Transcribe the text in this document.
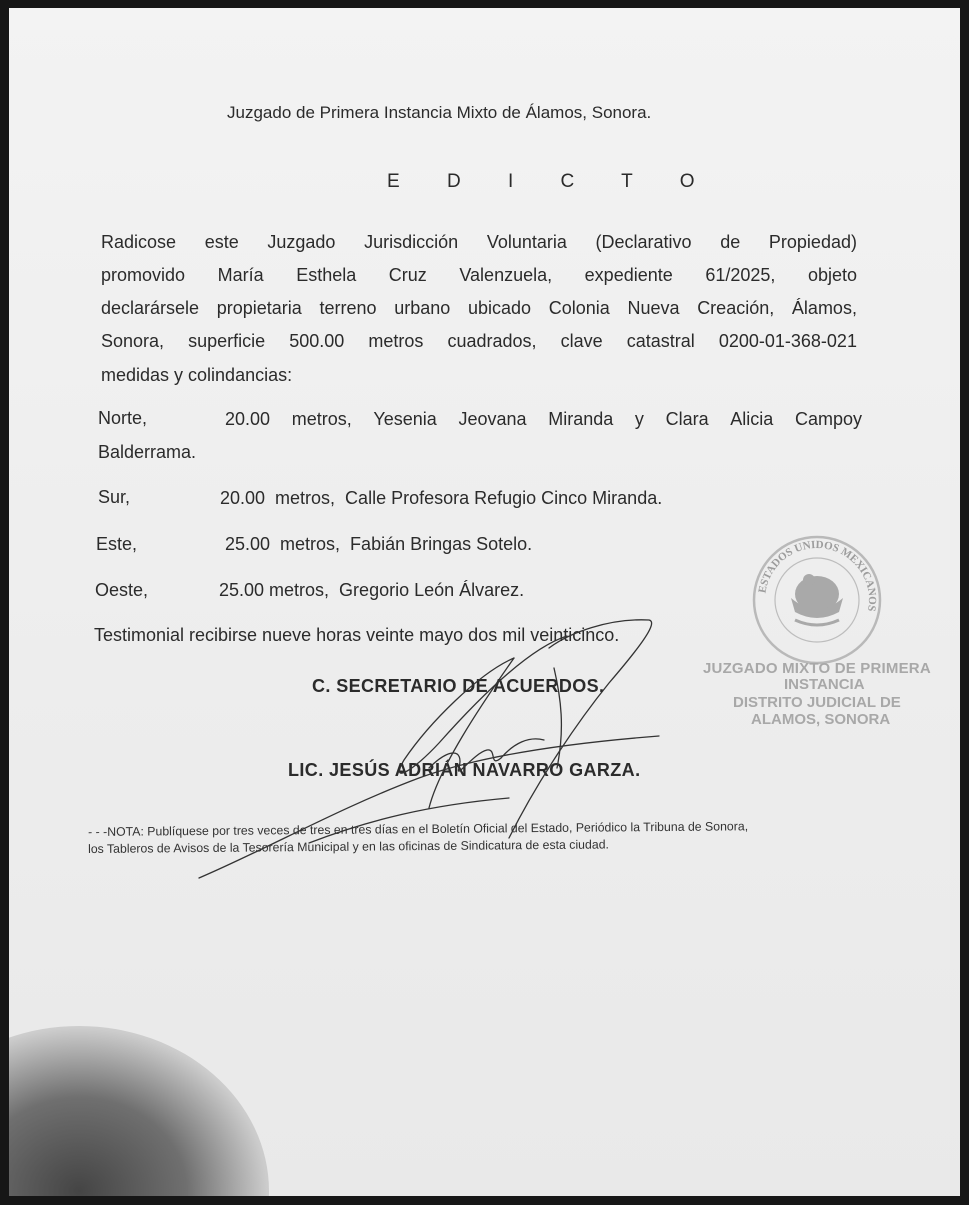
Juzgado de Primera Instancia Mixto de Álamos, Sonora.
E D I C T O
Radicose este Juzgado Jurisdicción Voluntaria (Declarativo de Propiedad)
promovido María Esthela Cruz Valenzuela, expediente 61/2025, objeto
declarársele propietaria terreno urbano ubicado Colonia Nueva Creación, Álamos,
Sonora, superficie 500.00 metros cuadrados, clave catastral 0200-01-368-021
medidas y colindancias:
Norte,	20.00 metros, Yesenia Jeovana Miranda y Clara Alicia Campoy
Balderrama.
Sur,	20.00  metros,  Calle Profesora Refugio Cinco Miranda.
Este,	25.00  metros,  Fabián Bringas Sotelo.
Oeste,	25.00 metros,  Gregorio León Álvarez.
Testimonial recibirse nueve horas veinte mayo dos mil veinticinco.
C. SECRETARIO DE ACUERDOS.
LIC. JESÚS ADRIÁN NAVARRO GARZA.
- - -NOTA: Publíquese por tres veces de tres en tres días en el Boletín Oficial del Estado, Periódico la Tribuna de Sonora,
los Tableros de Avisos de la Tesorería Municipal y en las oficinas de Sindicatura de esta ciudad.
ESTADOS UNIDOS MEXICANOS
JUZGADO MIXTO DE PRIMERA
INSTANCIA
DISTRITO JUDICIAL DE
ALAMOS, SONORA
